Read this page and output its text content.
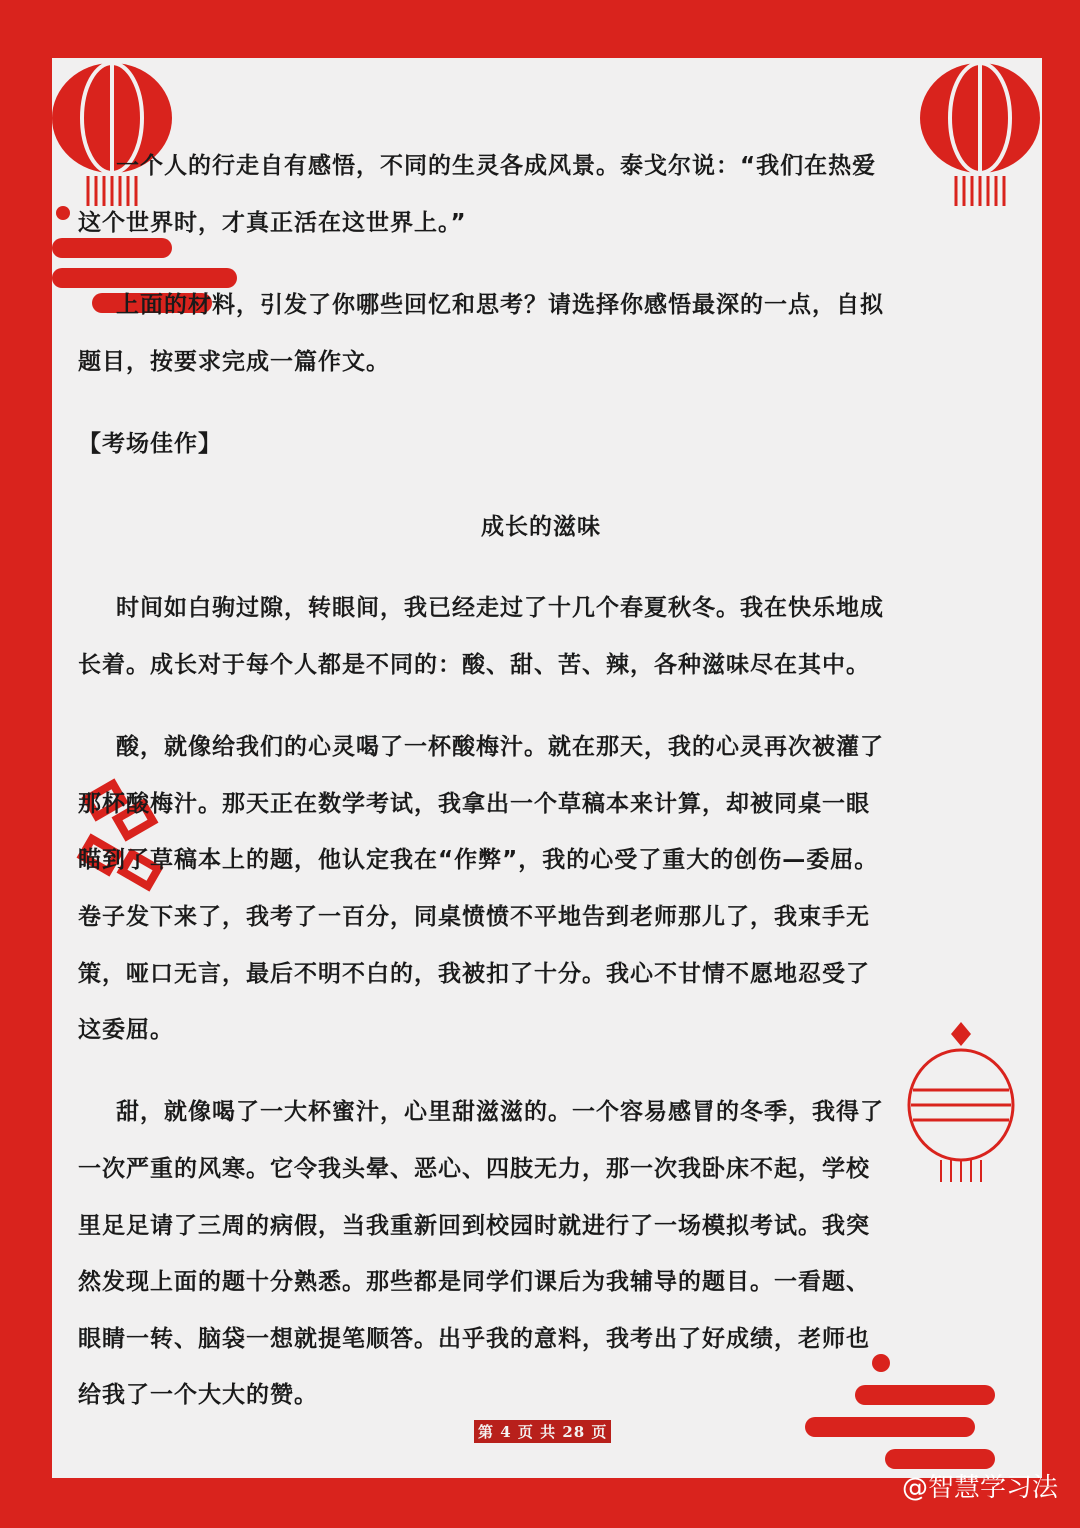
一个人的行走自有感悟，不同的生灵各成风景。泰戈尔说：“我们在热爱
这个世界时，才真正活在这世界上。”
上面的材料，引发了你哪些回忆和思考？请选择你感悟最深的一点，自拟
题目，按要求完成一篇作文。
【考场佳作】
成长的滋味
时间如白驹过隙，转眼间，我已经走过了十几个春夏秋冬。我在快乐地成
长着。成长对于每个人都是不同的：酸、甜、苦、辣，各种滋味尽在其中。
酸，就像给我们的心灵喝了一杯酸梅汁。就在那天，我的心灵再次被灌了
那杯酸梅汁。那天正在数学考试，我拿出一个草稿本来计算，却被同桌一眼
瞄到了草稿本上的题，他认定我在“作弊”，我的心受了重大的创伤—委屈。
卷子发下来了，我考了一百分，同桌愤愤不平地告到老师那儿了，我束手无
策，哑口无言，最后不明不白的，我被扣了十分。我心不甘情不愿地忍受了
这委屈。
甜，就像喝了一大杯蜜汁，心里甜滋滋的。一个容易感冒的冬季，我得了
一次严重的风寒。它令我头晕、恶心、四肢无力，那一次我卧床不起，学校
里足足请了三周的病假，当我重新回到校园时就进行了一场模拟考试。我突
然发现上面的题十分熟悉。那些都是同学们课后为我辅导的题目。一看题、
眼睛一转、脑袋一想就提笔顺答。出乎我的意料，我考出了好成绩，老师也
给我了一个大大的赞。
第 4 页 共 28 页
@智慧学习法
